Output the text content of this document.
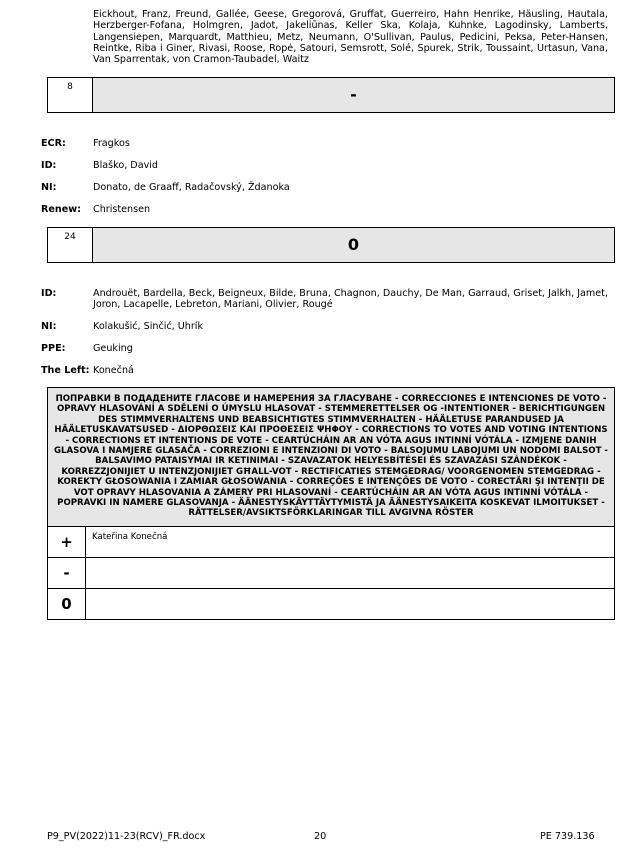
Eickhout, Franz, Freund, Gallée, Geese, Gregorová, Gruffat, Guerreiro, Hahn Henrike, Häusling, Hautala, Herzberger-Fofana, Holmgren, Jadot, Jakeliūnas, Keller Ska, Kolaja, Kuhnke, Lagodinsky, Lamberts, Langensiepen, Marquardt, Matthieu, Metz, Neumann, O'Sullivan, Paulus, Pedicini, Peksa, Peter-Hansen, Reintke, Riba i Giner, Rivasi, Roose, Ropė, Satouri, Semsrott, Solé, Spurek, Strik, Toussaint, Urtasun, Vana, Van Sparrentak, von Cramon-Taubadel, Waitz
8	-
ECR:	Fragkos
ID:	Blaško, David
NI:	Donato, de Graaff, Radačovský, Ždanoka
Renew: Christensen
24	0
ID:	Androuët, Bardella, Beck, Beigneux, Bilde, Bruna, Chagnon, Dauchy, De Man, Garraud, Griset, Jalkh, Jamet, Joron, Lacapelle, Lebreton, Mariani, Olivier, Rougé
NI:	Kolakušić, Sinčić, Uhrík
PPE:	Geuking
The Left: Konečná
ПОПРАВКИ В ПОДАДЕНИТЕ ГЛАСОВЕ И НАМЕРЕНИЯ ЗА ГЛАСУВАНЕ - CORRECCIONES E INTENCIONES DE VOTO - OPRAVY HLASOVÁNÍ A SDĚLENÍ O ÚMYSLU HLASOVAT - STEMMERETTELSER OG -INTENTIONER - BERICHTIGUNGEN DES STIMMVERHALTENS UND BEABSICHTIGTES STIMMVERHALTEN - HÄÄLETUSE PARANDUSED JA HÄÄLETUSKAVATSUSED - ΔΙΟΡΘΩΣΕΙΣ ΚΑΙ ΠΡΟΘΕΣΕΙΣ ΨΗΦΟΥ - CORRECTIONS TO VOTES AND VOTING INTENTIONS - CORRECTIONS ET INTENTIONS DE VOTE - CEARTÚCHÁIN AR AN VÓTA AGUS INTINNÍ VÓTÁLA - IZMJENE DANIH GLASOVA I NAMJERE GLASAČA - CORREZIONI E INTENZIONI DI VOTO - BALSOJUMU LABOJUMI UN NODOMI BALSOT - BALSAVIMO PATAISYMAI IR KETINIMAI - SZAVAZATOK HELYESBÍTÉSEI ÉS SZAVAZÁSI SZÁNDÉKOK - KORREZZJONIJIET U INTENZJONIJIET GĦALL-VOT - RECTIFICATIES STEMGEDRAG/ VOORGENOMEN STEMGEDRAG - KOREKTY GŁOSOWANIA I ZAMIAR GŁOSOWANIA - CORREÇÕES E INTENÇÕES DE VOTO - CORECTĂRI ŞI INTENŢII DE VOT OPRAVY HLASOVANIA A ZÁMERY PRI HLASOVANÍ - CEARTÚCHÁIN AR AN VÓTA AGUS INTINNÍ VÓTÁLA - POPRAVKI IN NAMERE GLASOVANJA - ÄÄNESTYSKÄYTTÄYTYMISTÄ JA ÄÄNESTYSAIKEITA KOSKEVAT ILMOITUKSET - RÄTTELSER/AVSIKTSFÖRKLARINGAR TILL AVGIVNA RÖSTER
+	Kateřina Konečná
-
0
P9_PV(2022)11-23(RCV)_FR.docx	20	PE 739.136
